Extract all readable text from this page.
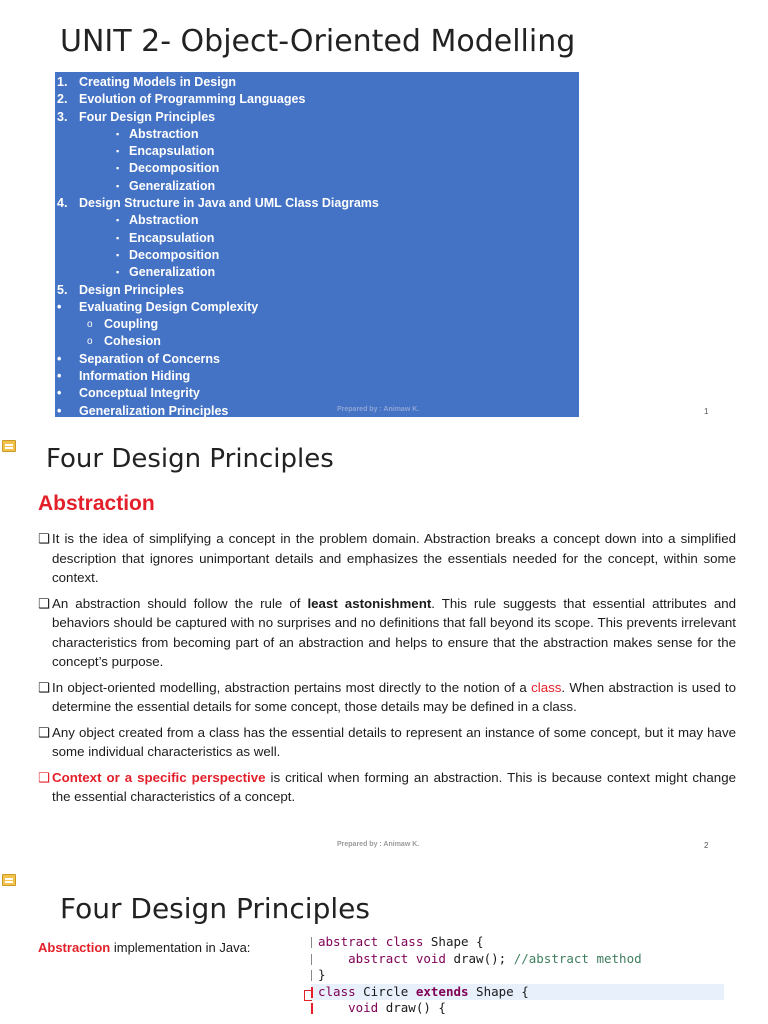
UNIT 2- Object-Oriented Modelling
1. Creating Models in Design
2. Evolution of Programming Languages
3. Four Design Principles
▪ Abstraction
▪ Encapsulation
▪ Decomposition
▪ Generalization
4. Design Structure in Java and UML Class Diagrams
▪ Abstraction
▪ Encapsulation
▪ Decomposition
▪ Generalization
5. Design Principles
• Evaluating Design Complexity
o Coupling
o Cohesion
• Separation of Concerns
• Information Hiding
• Conceptual Integrity
• Generalization Principles	Prepared by : Animaw K.	1
Four Design Principles
Abstraction

❑ It is the idea of simplifying a concept in the problem domain. Abstraction breaks a concept down into a simplified description that ignores unimportant details and emphasizes the essentials needed for the concept, within some context.

❑ An abstraction should follow the rule of least astonishment. This rule suggests that essential attributes and behaviors should be captured with no surprises and no definitions that fall beyond its scope. This prevents irrelevant characteristics from becoming part of an abstraction and helps to ensure that the abstraction makes sense for the concept’s purpose.

❑ In object-oriented modelling, abstraction pertains most directly to the notion of a class. When abstraction is used to determine the essential details for some concept, those details may be defined in a class.

❑ Any object created from a class has the essential details to represent an instance of some concept, but it may have some individual characteristics as well.

❑ Context or a specific perspective is critical when forming an abstraction. This is because context might change the essential characteristics of a concept.

Prepared by : Animaw K.	2
Four Design Principles
Abstraction implementation in Java:	abstract class Shape {
abstract void draw(); //abstract method
}
class Circle extends Shape {
void draw() {
